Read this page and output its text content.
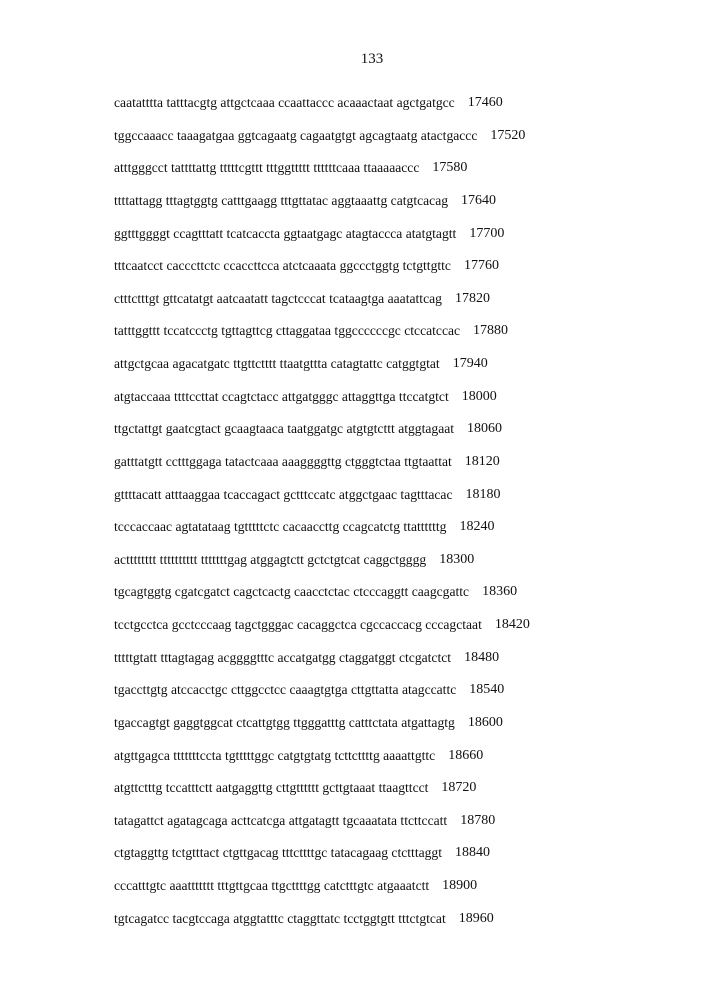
133
caatatttta tatttacgtg attgctcaaa ccaattaccc acaaactaat agctgatgcc 17460
tggccaaacc taaagatgaa ggtcagaatg cagaatgtgt agcagtaatg atactgaccc 17520
atttgggcct tattttattg tttttcgttt tttggttttt ttttttcaaa ttaaaaaccc 17580
ttttattagg tttagtggtg catttgaagg tttgttatac aggtaaattg catgtcacag 17640
ggtttggggt ccagtttatt tcatcaccta ggtaatgagc atagtaccca atatgtagtt 17700
tttcaatcct cacccttctc ccaccttcca atctcaaata ggccctggtg tctgttgttc 17760
ctttctttgt gttcatatgt aatcaatatt tagctcccat tcataagtga aaatattcag 17820
tatttggttt tccatccctg tgttagttcg cttaggataa tggccccccgc ctccatccac 17880
attgctgcaa agacatgatc ttgttctttt ttaatgttta catagtattc catggtgtat 17940
atgtaccaaa ttttccttat ccagtctacc attgatgggc attaggttga ttccatgtct 18000
ttgctattgt gaatcgtact gcaagtaaca taatggatgc atgtgtcttt atggtagaat 18060
gatttatgtt cctttggaga tatactcaaa aaaggggttg ctgggtctaa ttgtaattat 18120
gttttacatt atttaaggaa tcaccagact gctttccatc atggctgaac tagtttacac 18180
tcccaccaac agtatataag tgtttttctc cacaaccttg ccagcatctg ttattttttg 18240
actttttttt tttttttttt tttttttgag atggagtctt gctctgtcat caggctgggg 18300
tgcagtggtg cgatcgatct cagctcactg caacctctac ctcccaggtt caagcgattc 18360
tcctgcctca gcctcccaag tagctgggac cacaggctca cgccaccacg cccagctaat 18420
tttttgtatt tttagtagag acggggtttc accatgatgg ctaggatggt ctcgatctct 18480
tgaccttgtg atccacctgc cttggcctcc caaagtgtga cttgttatta atagccattc 18540
tgaccagtgt gaggtggcat ctcattgtgg ttgggatttg catttctata atgattagtg 18600
atgttgagca tttttttccta tgtttttggc catgtgtatg tcttcttttg aaaattgttc 18660
atgttctttg tccatttctt aatgaggttg cttgtttttt gcttgtaaat ttaagttcct 18720
tatagattct agatagcaga acttcatcga attgatagtt tgcaaatata ttcttccatt 18780
ctgtaggttg tctgtttact ctgttgacag tttcttttgc tatacagaag ctctttaggt 18840
cccatttgtc aaattttttt tttgttgcaa ttgcttttgg catctttgtc atgaaatctt 18900
tgtcagatcc tacgtccaga atggtatttc ctaggttatc tcctggtgtt tttctgtcat 18960
